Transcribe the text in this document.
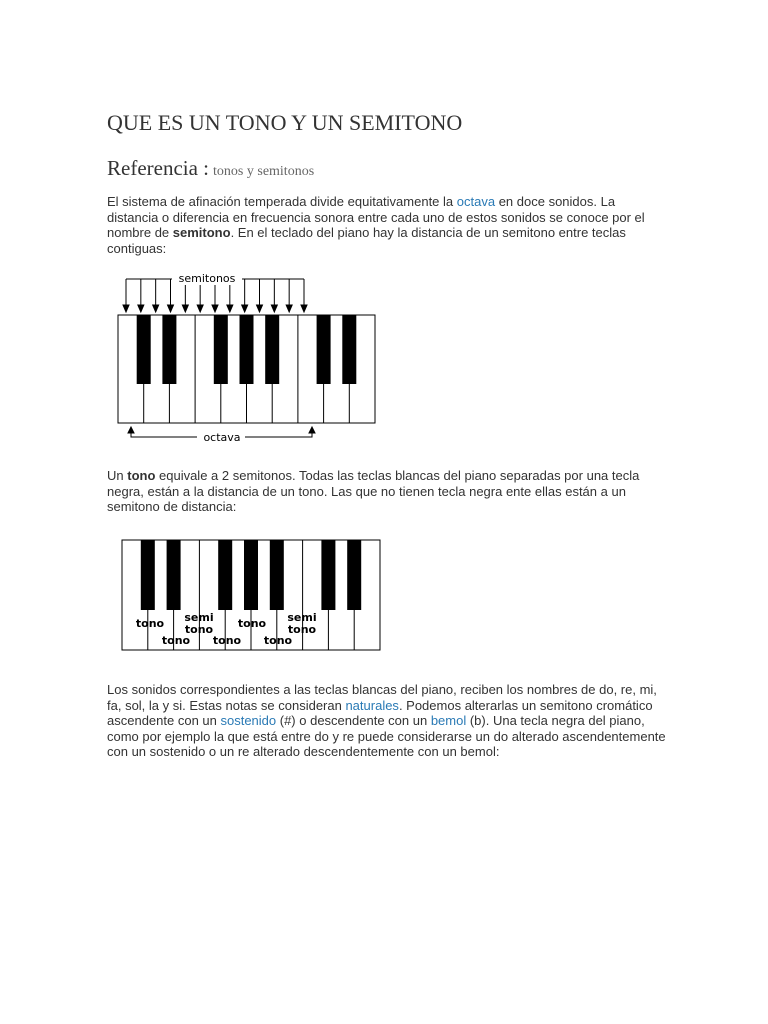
QUE ES UN TONO Y UN SEMITONO
Referencia : tonos y semitonos

El sistema de afinación temperada divide equitativamente la octava en doce sonidos. La distancia o diferencia en frecuencia sonora entre cada uno de estos sonidos se conoce por el nombre de semitono. En el teclado del piano hay la distancia de un semitono entre teclas contiguas:

semitonos
octava

Un tono equivale a 2 semitonos. Todas las teclas blancas del piano separadas por una tecla negra, están a la distancia de un tono. Las que no tienen tecla negra ente ellas están a un semitono de distancia:

tono semi
tono tono semi
tono
tono tono tono

Los sonidos correspondientes a las teclas blancas del piano, reciben los nombres de do, re, mi, fa, sol, la y si. Estas notas se consideran naturales. Podemos alterarlas un semitono cromático ascendente con un sostenido (#) o descendente con un bemol (b). Una tecla negra del piano, como por ejemplo la que está entre do y re puede considerarse un do alterado ascendentemente con un sostenido o un re alterado descendentemente con un bemol:
